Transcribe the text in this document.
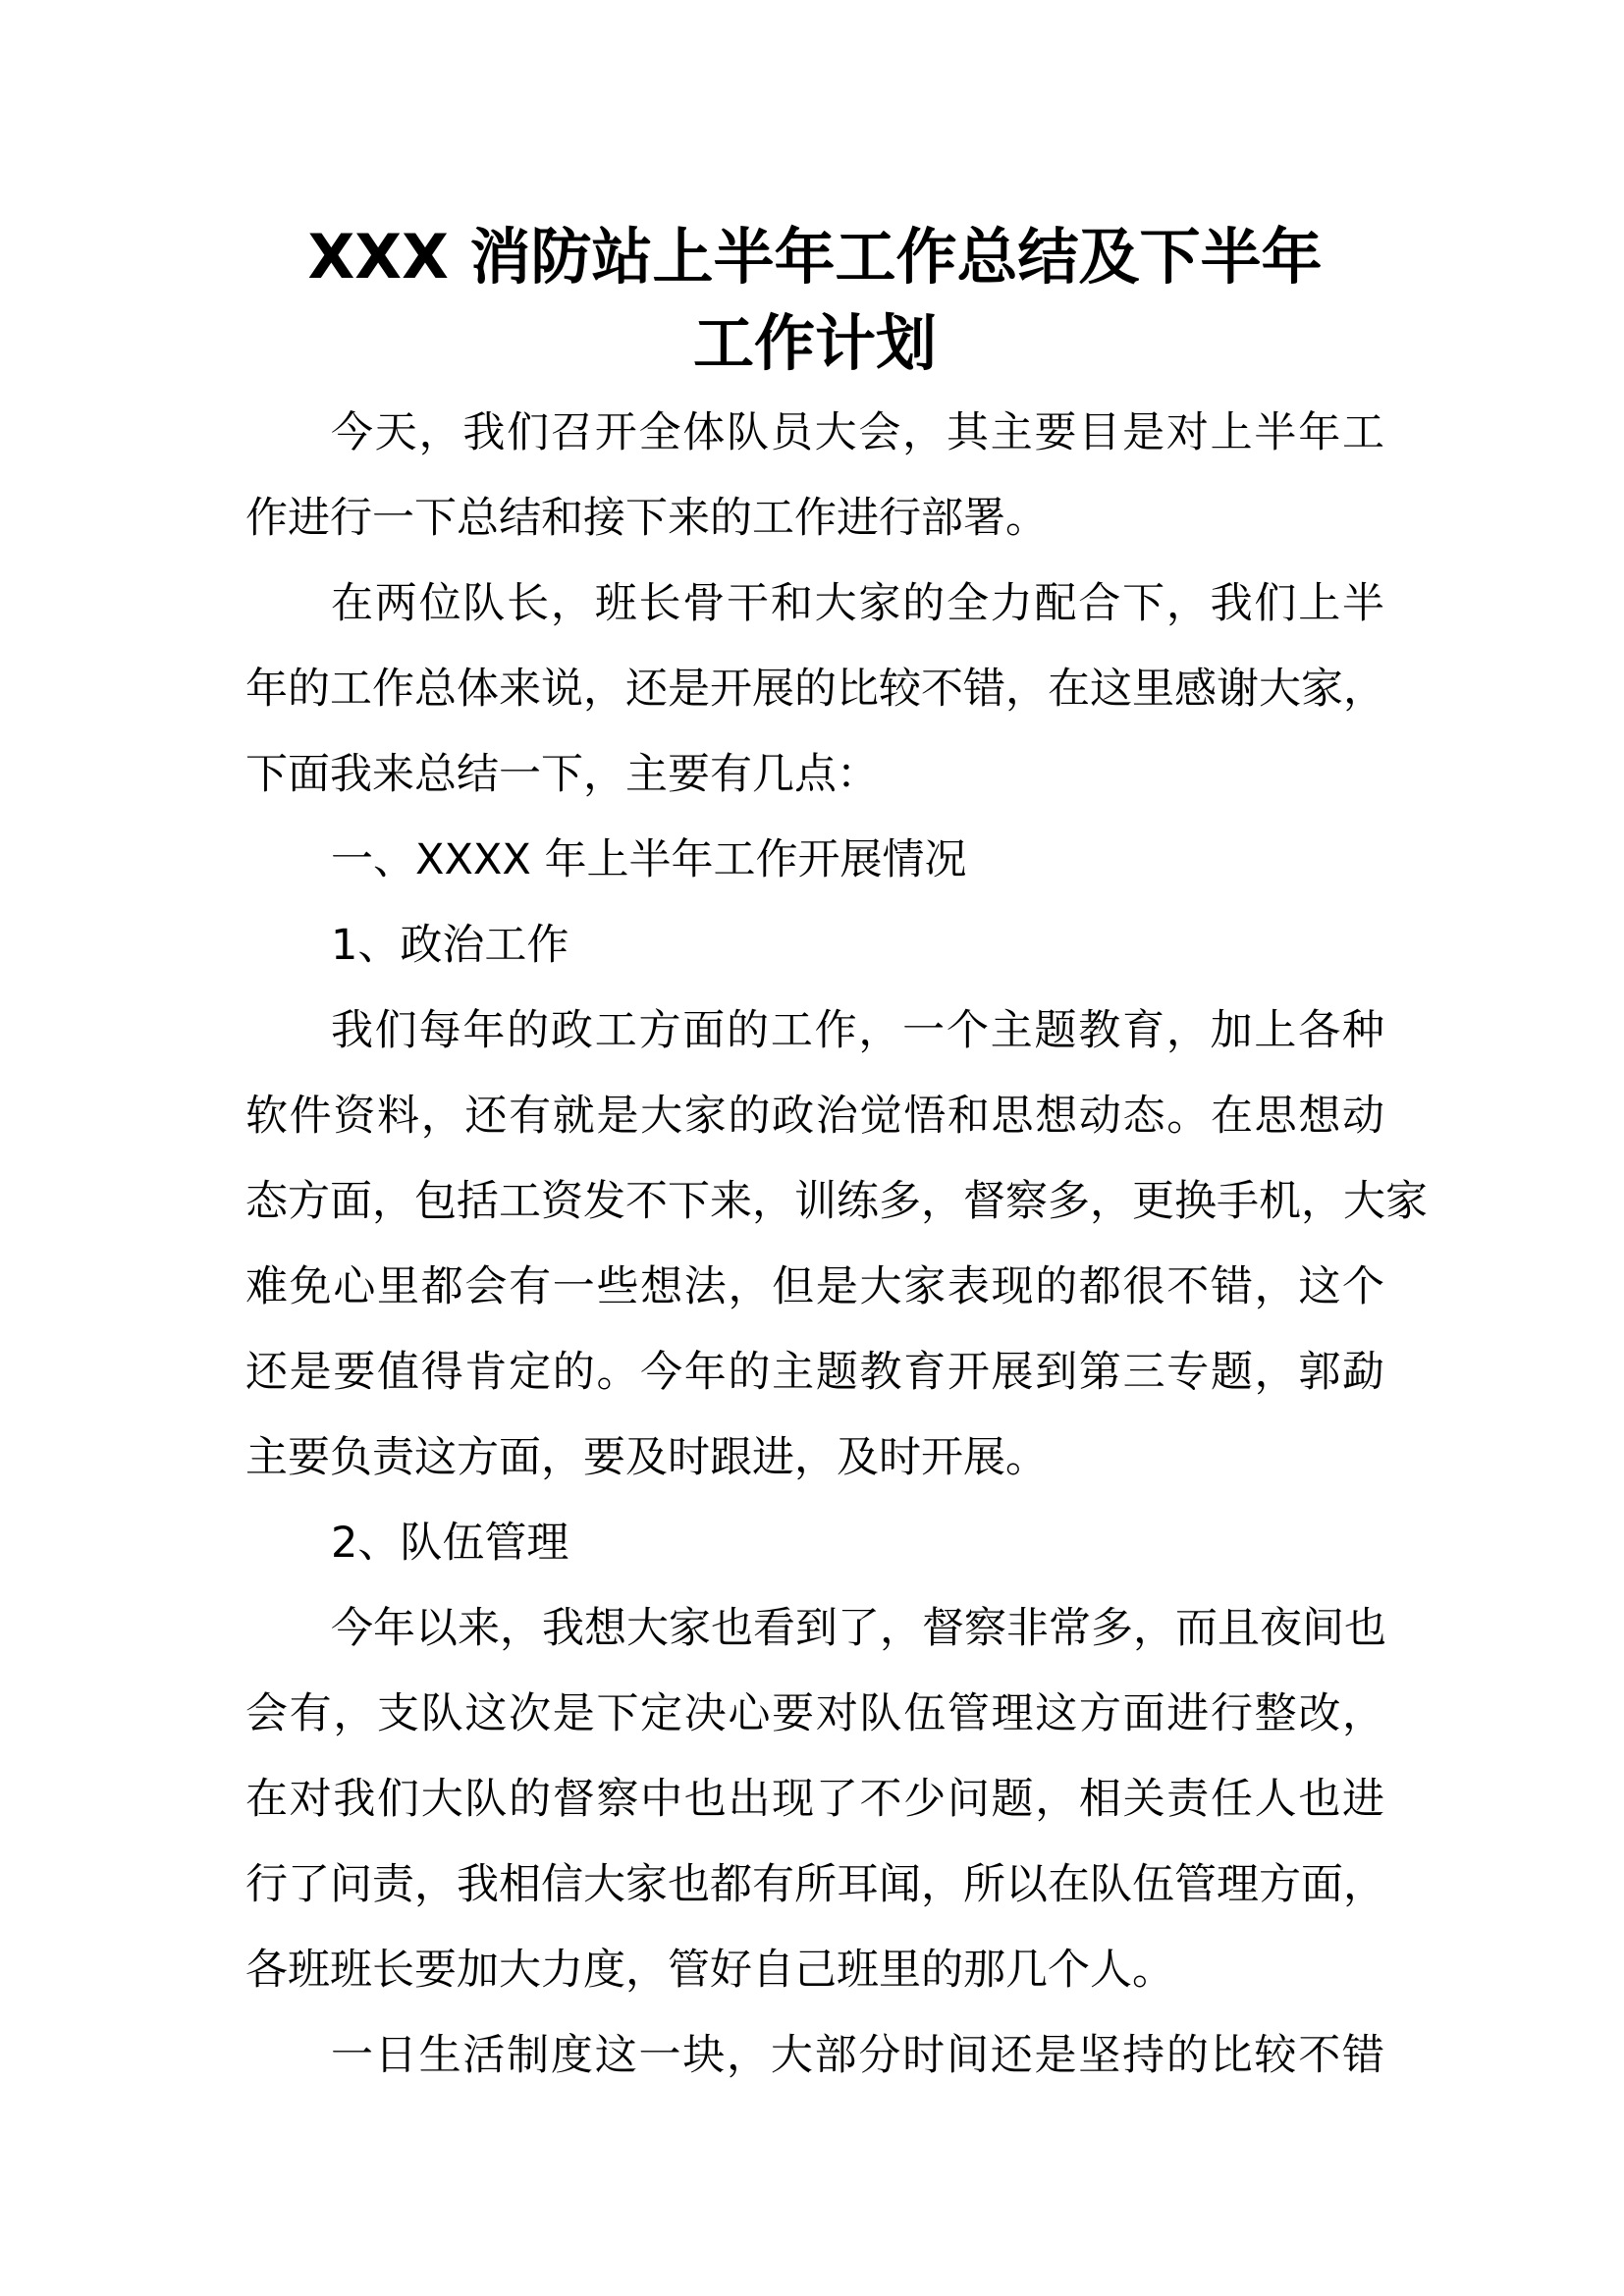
XXX 消防站上半年工作总结及下半年
工作计划
今天，我们召开全体队员大会，其主要目是对上半年工
作进行一下总结和接下来的工作进行部署。
在两位队长，班长骨干和大家的全力配合下，我们上半
年的工作总体来说，还是开展的比较不错，在这里感谢大家，
下面我来总结一下，主要有几点：
一、XXXX 年上半年工作开展情况
1、政治工作
我们每年的政工方面的工作，一个主题教育，加上各种
软件资料，还有就是大家的政治觉悟和思想动态。在思想动
态方面，包括工资发不下来，训练多，督察多，更换手机，大家
难免心里都会有一些想法，但是大家表现的都很不错，这个
还是要值得肯定的。今年的主题教育开展到第三专题，郭勐
主要负责这方面，要及时跟进，及时开展。
2、队伍管理
今年以来，我想大家也看到了，督察非常多，而且夜间也
会有，支队这次是下定决心要对队伍管理这方面进行整改，
在对我们大队的督察中也出现了不少问题，相关责任人也进
行了问责，我相信大家也都有所耳闻，所以在队伍管理方面，
各班班长要加大力度，管好自己班里的那几个人。
一日生活制度这一块，大部分时间还是坚持的比较不错
